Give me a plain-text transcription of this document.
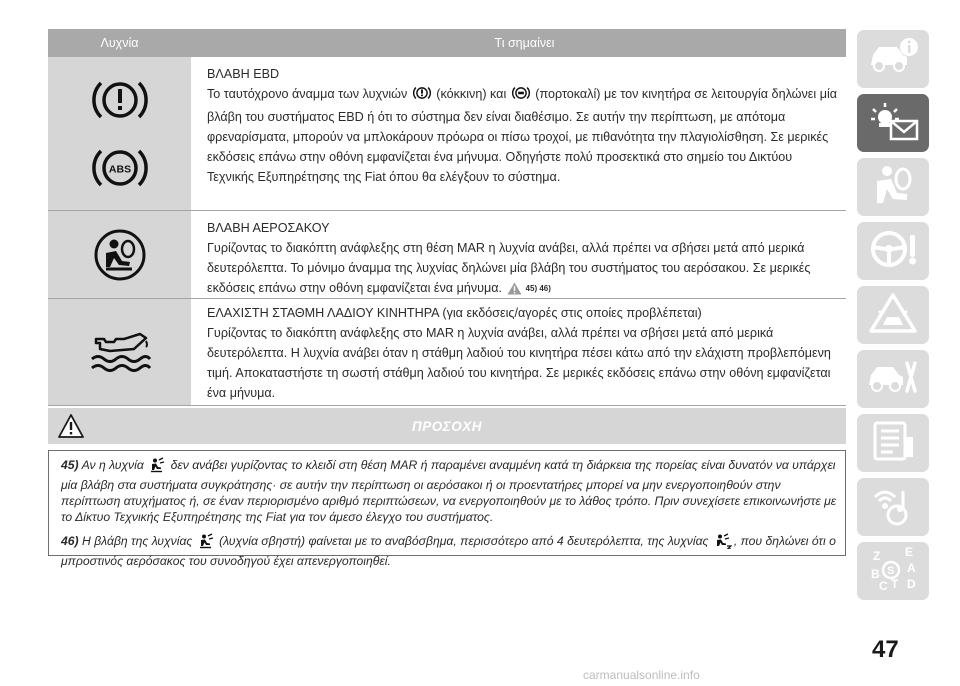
Λυχνία	Τι σημαίνει
ABS
ΒΛΑΒΗ EBD
Το ταυτόχρονο άναμμα των λυχνιών (κόκκινη) και (πορτοκαλί) με τον κινητήρα σε λειτουργία δηλώνει μία βλάβη του συστήματος EBD ή ότι το σύστημα δεν είναι διαθέσιμο. Σε αυτήν την περίπτωση, με απότομα φρεναρίσματα, μπορούν να μπλοκάρουν πρόωρα οι πίσω τροχοί, με πιθανότητα την πλαγιολίσθηση. Σε μερικές εκδόσεις επάνω στην οθόνη εμφανίζεται ένα μήνυμα. Οδηγήστε πολύ προσεκτικά στο σημείο του Δικτύου Τεχνικής Εξυπηρέτησης της Fiat όπου θα ελέγξουν το σύστημα.
ΒΛΑΒΗ ΑΕΡΟΣΑΚΟΥ
Γυρίζοντας το διακόπτη ανάφλεξης στη θέση MAR η λυχνία ανάβει, αλλά πρέπει να σβήσει μετά από μερικά δευτερόλεπτα. Το μόνιμο άναμμα της λυχνίας δηλώνει μία βλάβη του συστήματος του αερόσακου. Σε μερικές εκδόσεις επάνω στην οθόνη εμφανίζεται ένα μήνυμα.	45) 46)
ΕΛΑΧΙΣΤΗ ΣΤΑΘΜΗ ΛΑΔΙΟΥ ΚΙΝΗΤΗΡΑ (για εκδόσεις/αγορές στις οποίες προβλέπεται)
Γυρίζοντας το διακόπτη ανάφλεξης στο MAR η λυχνία ανάβει, αλλά πρέπει να σβήσει μετά από μερικά δευτερόλεπτα. Η λυχνία ανάβει όταν η στάθμη λαδιού του κινητήρα πέσει κάτω από την ελάχιστη προβλεπόμενη τιμή. Αποκαταστήστε τη σωστή στάθμη λαδιού του κινητήρα. Σε μερικές εκδόσεις επάνω στην οθόνη εμφανίζεται ένα μήνυμα.
ΠΡΟΣΟΧΗ

45) Αν η λυχνία δεν ανάβει γυρίζοντας το κλειδί στη θέση MAR ή παραμένει αναμμένη κατά τη διάρκεια της πορείας είναι δυνατόν να υπάρχει μία βλάβη στα συστήματα συγκράτησης· σε αυτήν την περίπτωση οι αερόσακοι ή οι προεντατήρες μπορεί να μην ενεργοποιηθούν στην περίπτωση ατυχήματος ή, σε έναν περιορισμένο αριθμό περιπτώσεων, να ενεργοποιηθούν με το λάθος τρόπο. Πριν συνεχίσετε επικοινωνήστε με το Δίκτυο Τεχνικής Εξυπηρέτησης της Fiat για τον άμεσο έλεγχο του συστήματος.

46) Η βλάβη της λυχνίας (λυχνία σβηστή) φαίνεται με το αναβόσβημα, περισσότερο από 4 δευτερόλεπτα, της λυχνίας , που δηλώνει ότι ο μπροστινός αερόσακος του συνοδηγού έχει απενεργοποιηθεί.	Z E
A
B
C T D
S
47
carmanualsonline.info
